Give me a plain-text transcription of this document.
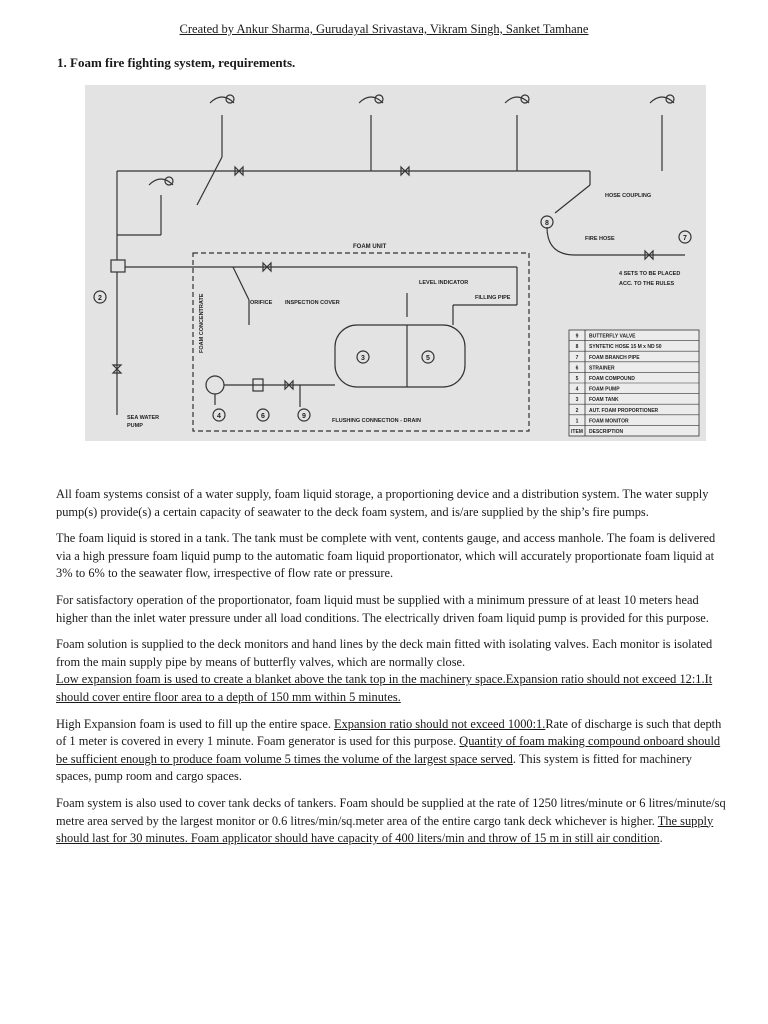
Created by Ankur Sharma, Gurudayal Srivastava, Vikram Singh, Sanket Tamhane
1. Foam fire fighting system, requirements.
2
3
4
5
6
7
8
9
FOAM UNIT
HOSE COUPLING
FIRE HOSE
4 SETS TO BE PLACED
ACC. TO THE RULES
LEVEL INDICATOR
FILLING PIPE
ORIFICE INSPECTION COVER
FOAM CONCENTRATE
SEA WATER
PUMP
FLUSHING CONNECTION - DRAIN
9 BUTTERFLY VALVE
8 SYNTETIC HOSE 15 M x ND 50
7 FOAM BRANCH PIPE
6 STRAINER
5 FOAM COMPOUND
4 FOAM PUMP
3 FOAM TANK
2 AUT. FOAM PROPORTIONER
1 FOAM MONITOR
ITEM DESCRIPTION

All foam systems consist of a water supply, foam liquid storage, a proportioning device and a distribution system. The water supply pump(s) provide(s) a certain capacity of seawater to the deck foam system, and is/are supplied by the ship’s fire pumps.

The foam liquid is stored in a tank. The tank must be complete with vent, contents gauge, and access manhole. The foam is delivered via a high pressure foam liquid pump to the automatic foam liquid proportionator, which will accurately proportionate foam liquid at 3% to 6% to the seawater flow, irrespective of flow rate or pressure.

For satisfactory operation of the proportionator, foam liquid must be supplied with a minimum pressure of at least 10 meters head higher than the inlet water pressure under all load conditions. The electrically driven foam liquid pump is provided for this purpose.

Foam solution is supplied to the deck monitors and hand lines by the deck main fitted with isolating valves. Each monitor is isolated from the main supply pipe by means of butterfly valves, which are normally close.
Low expansion foam is used to create a blanket above the tank top in the machinery space.Expansion ratio should not exceed 12:1.It should cover entire floor area to a depth of 150 mm within 5 minutes.

High Expansion foam is used to fill up the entire space. Expansion ratio should not exceed 1000:1.Rate of discharge is such that depth of 1 meter is covered in every 1 minute. Foam generator is used for this purpose. Quantity of foam making compound onboard should be sufficient enough to produce foam volume 5 times the volume of the largest space served. This system is fitted for machinery spaces, pump room and cargo spaces.

Foam system is also used to cover tank decks of tankers. Foam should be supplied at the rate of 1250 litres/minute or 6 litres/minute/sq metre area served by the largest monitor or 0.6 litres/min/sq.meter area of the entire cargo tank deck whichever is higher. The supply should last for 30 minutes. Foam applicator should have capacity of 400 liters/min and throw of 15 m in still air condition.
